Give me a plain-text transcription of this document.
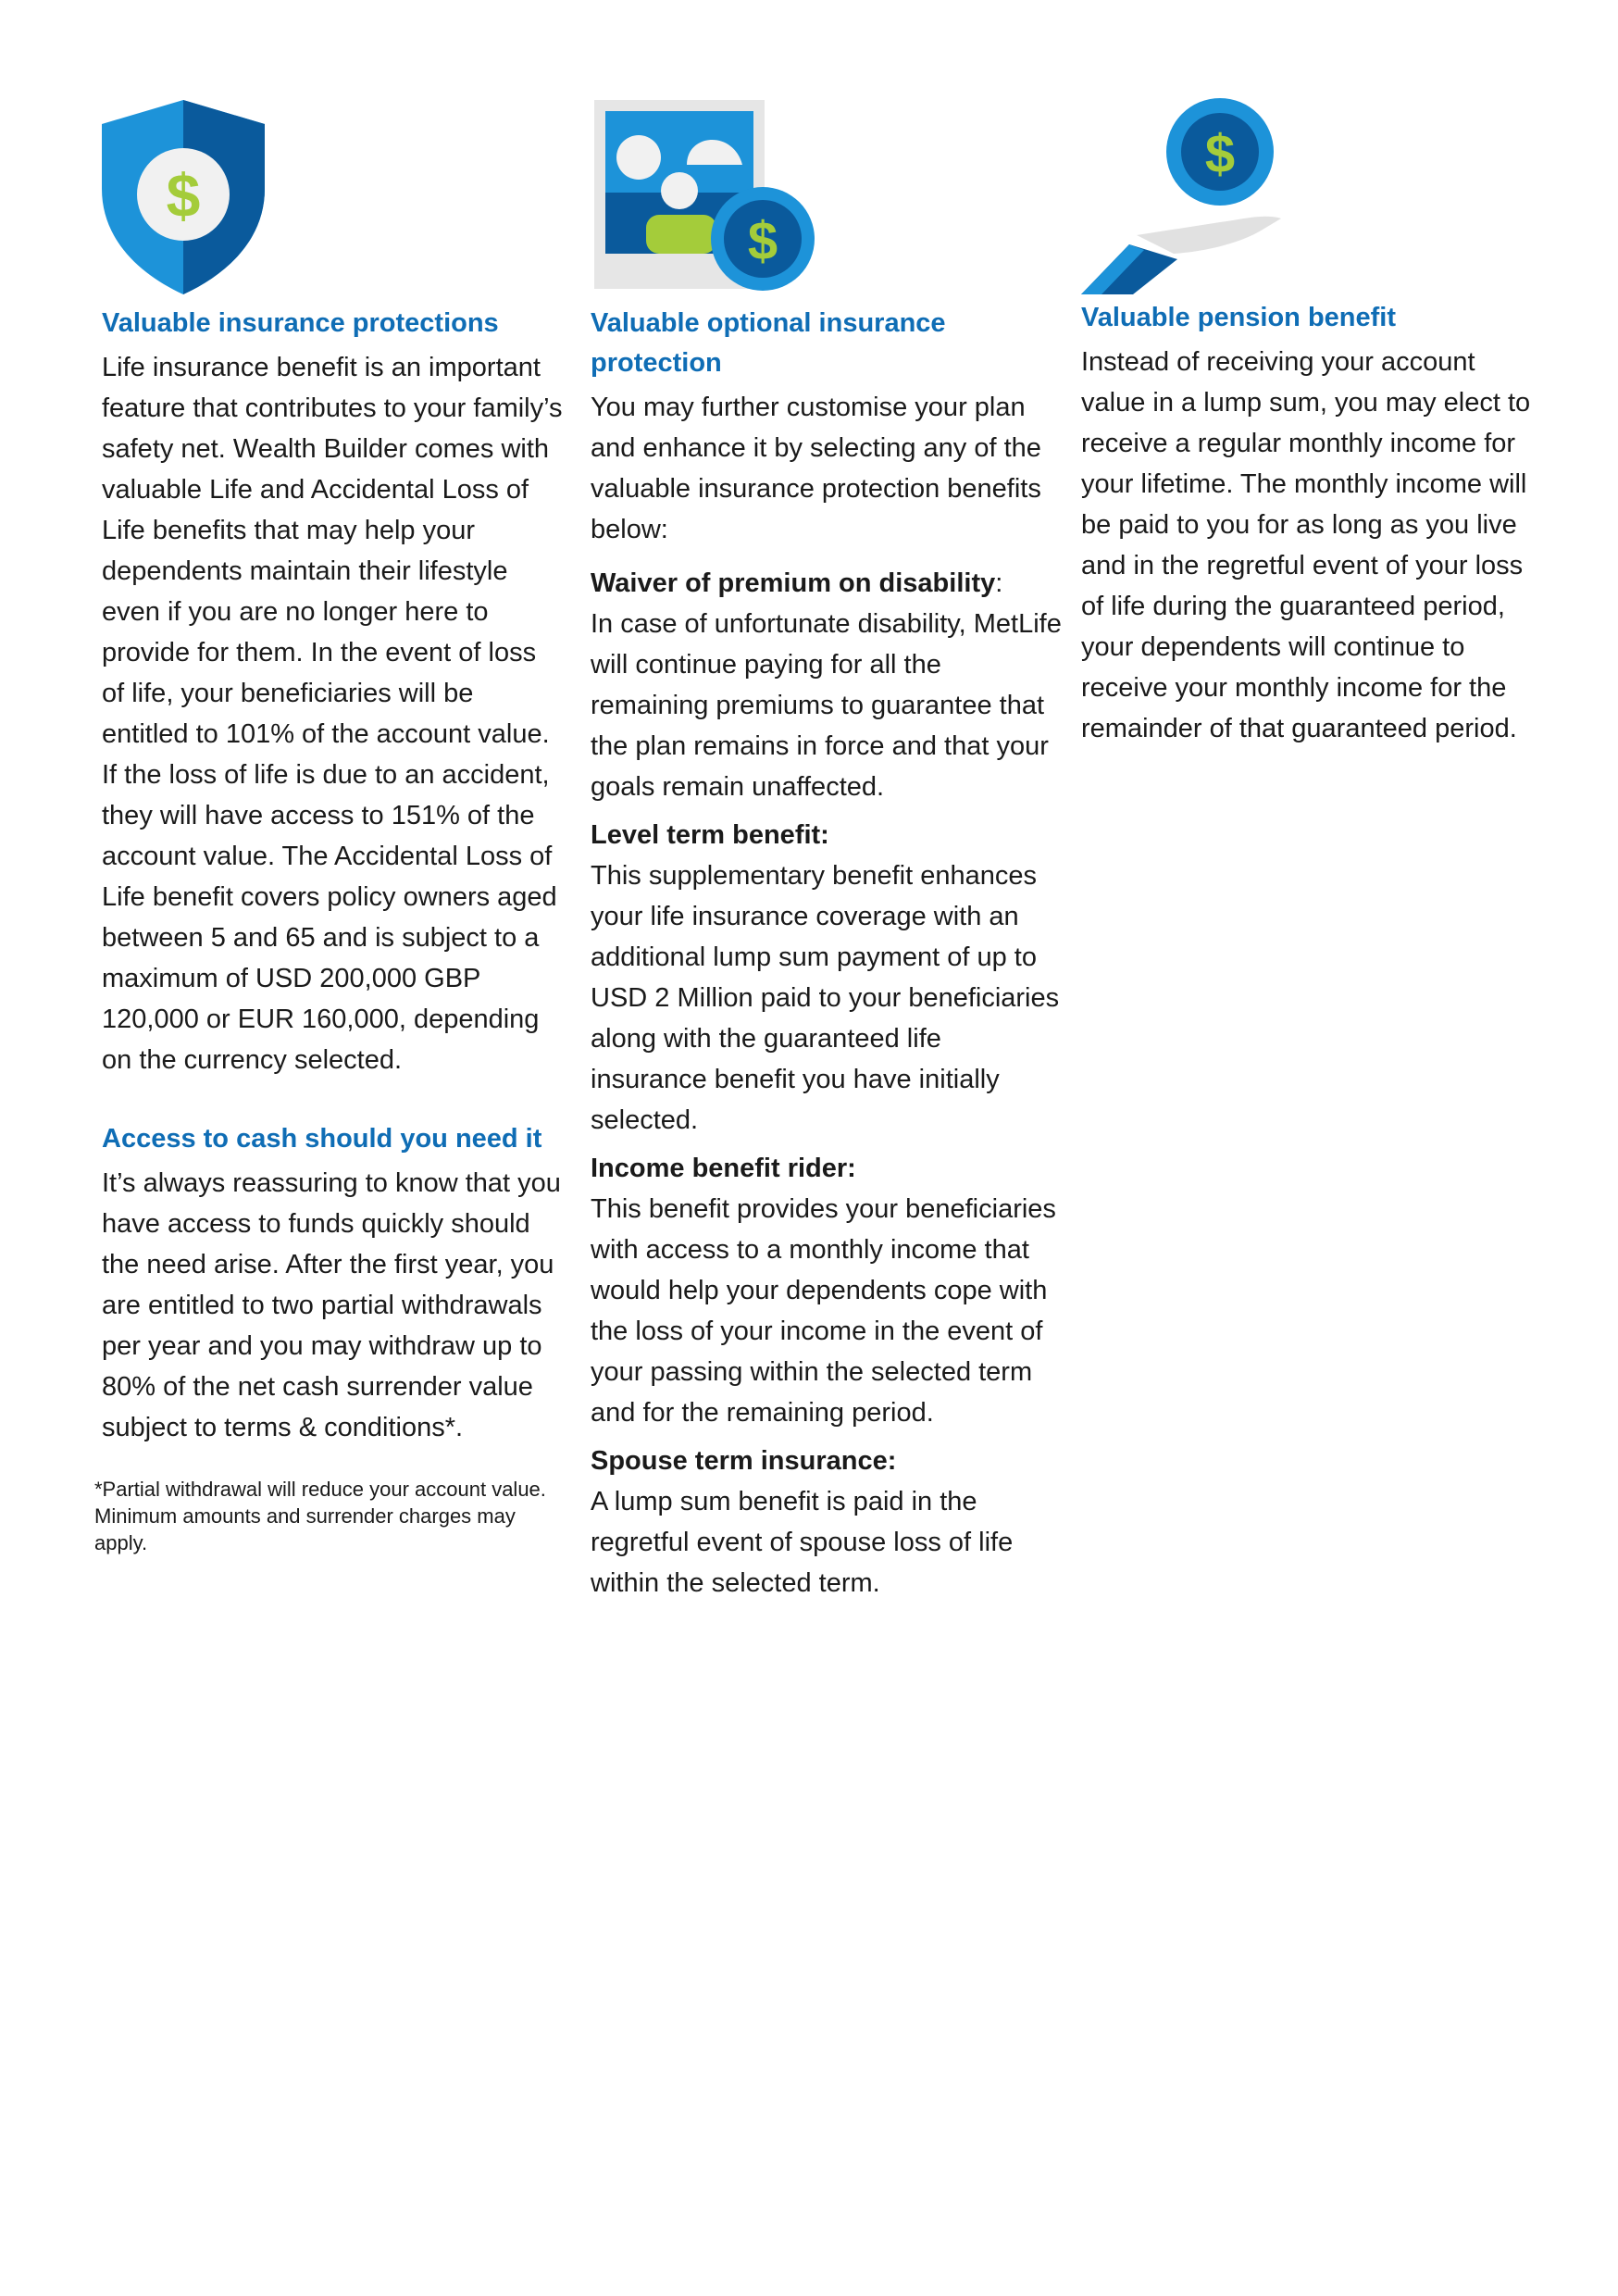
$
Valuable insurance protections

Life insurance benefit is an important feature that contributes to your family’s safety net. Wealth Builder comes with valuable Life and Accidental Loss of Life benefits that may help your dependents maintain their lifestyle even if you are no longer here to provide for them. In the event of loss of life, your beneficiaries will be entitled to 101% of the account value. If the loss of life is due to an accident, they will have access to 151% of the account value. The Accidental Loss of Life benefit covers policy owners aged between 5 and 65 and is subject to a maximum of USD 200,000 GBP 120,000 or EUR 160,000, depending on the currency selected.

Access to cash should you need it

It’s always reassuring to know that you have access to funds quickly should the need arise. After the first year, you are entitled to two partial withdrawals per year and you may withdraw up to 80% of the net cash surrender value subject to terms & conditions*.

*Partial withdrawal will reduce your account value. Minimum amounts and surrender charges may apply.
$
Valuable optional insurance protection

You may further customise your plan and enhance it by selecting any of the valuable insurance protection benefits below:

Waiver of premium on disability:

In case of unfortunate disability, MetLife will continue paying for all the remaining premiums to guarantee that the plan remains in force and that your goals remain unaffected.

Level term benefit:

This supplementary benefit enhances your life insurance coverage with an additional lump sum payment of up to USD 2 Million paid to your beneficiaries along with the guaranteed life insurance benefit you have initially selected.

Income benefit rider:

This benefit provides your beneficiaries with access to a monthly income that would help your dependents cope with the loss of your income in the event of your passing within the selected term and for the remaining period.

Spouse term insurance:

A lump sum benefit is paid in the regretful event of spouse loss of life within the selected term.

$
Valuable pension benefit

Instead of receiving your account value in a lump sum, you may elect to receive a regular monthly income for your lifetime. The monthly income will be paid to you for as long as you live and in the regretful event of your loss of life during the guaranteed period, your dependents will continue to receive your monthly income for the remainder of that guaranteed period.
